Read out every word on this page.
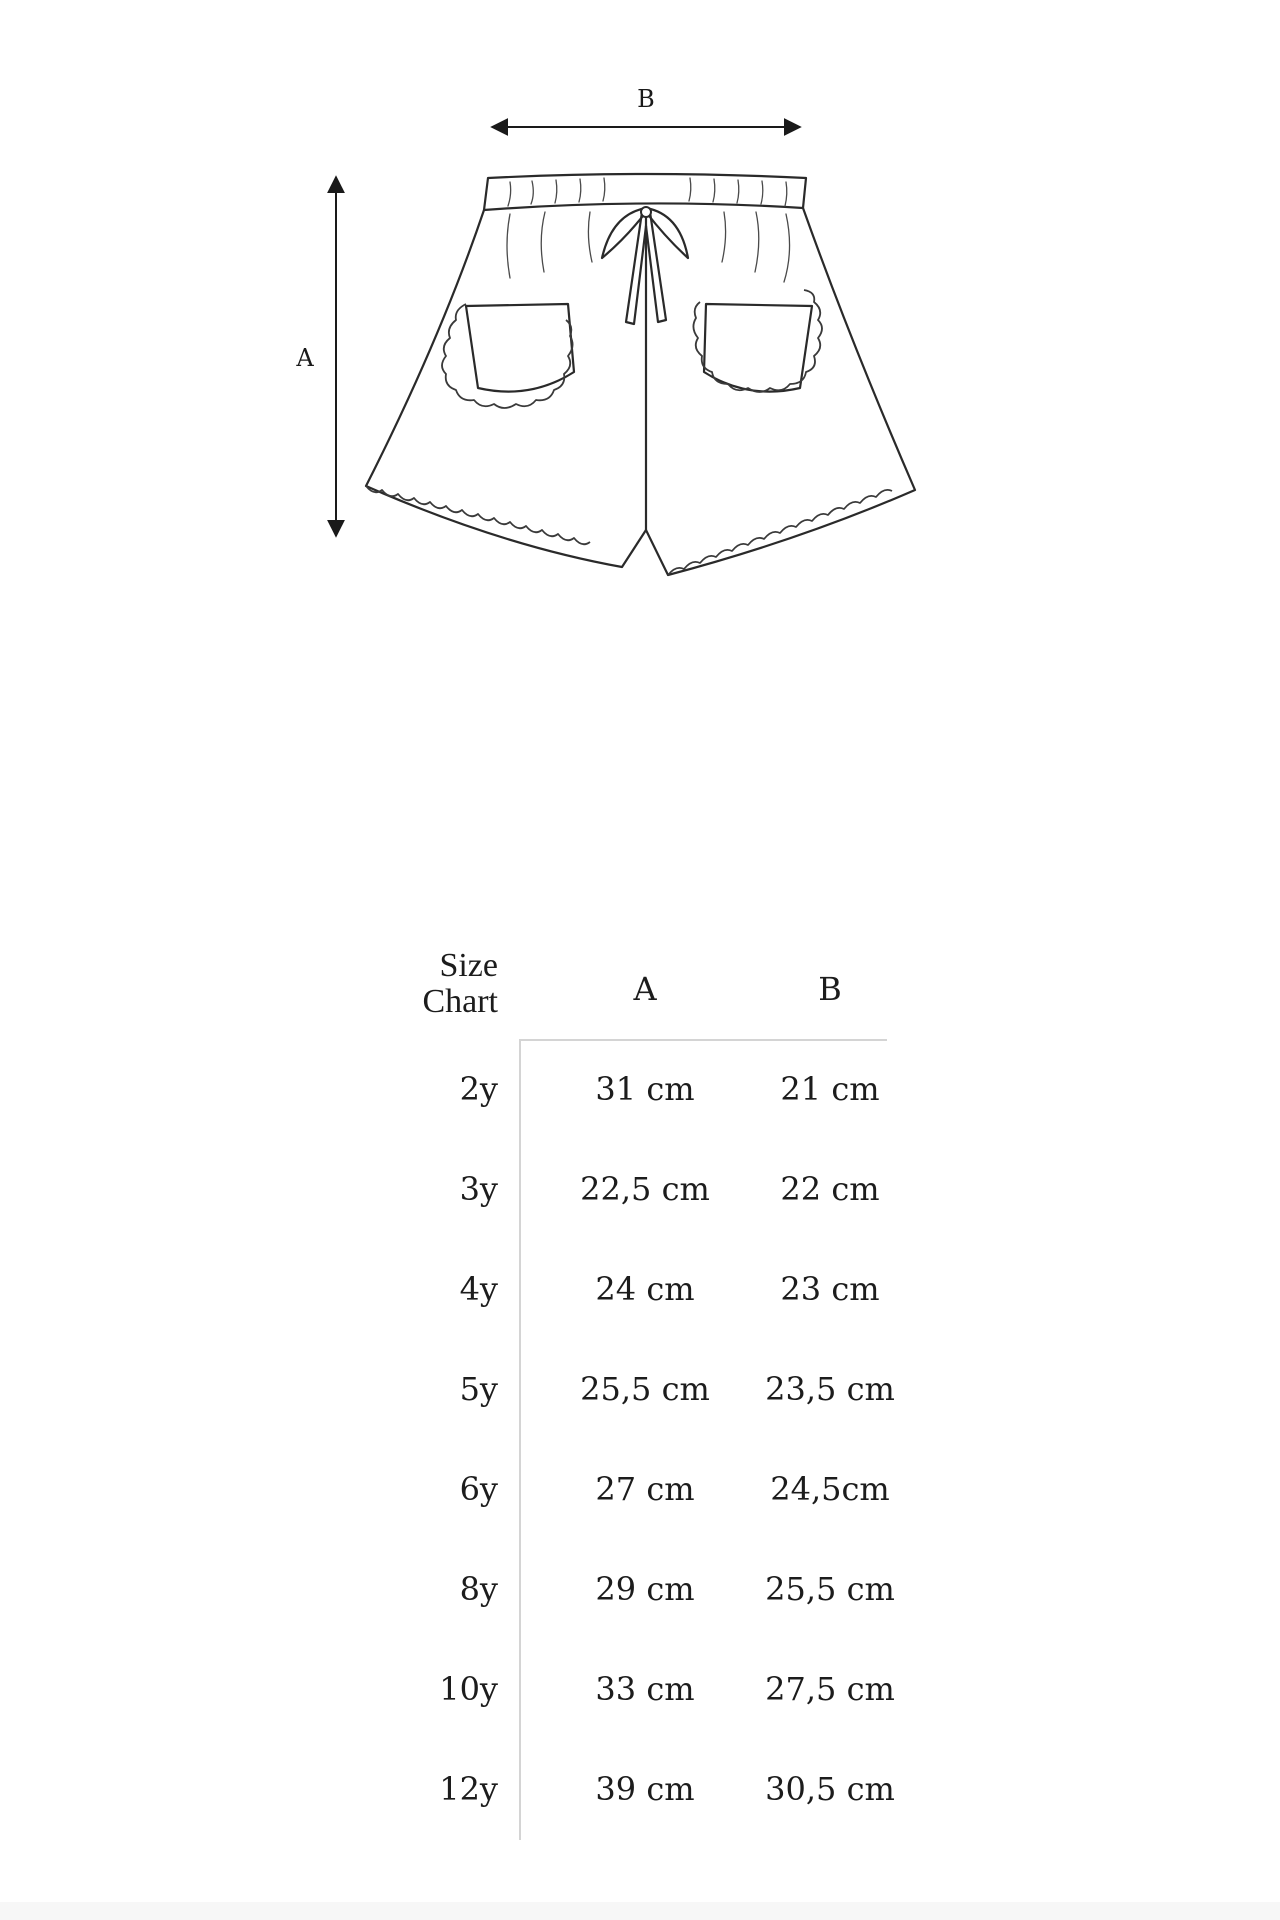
B
A
Size
Chart	A	B
2y	31 cm	21 cm
3y	22,5 cm	22 cm
4y	24 cm	23 cm
5y	25,5 cm	23,5 cm
6y	27 cm	24,5cm
8y	29 cm	25,5 cm
10y	33 cm	27,5 cm
12y	39 cm	30,5 cm
